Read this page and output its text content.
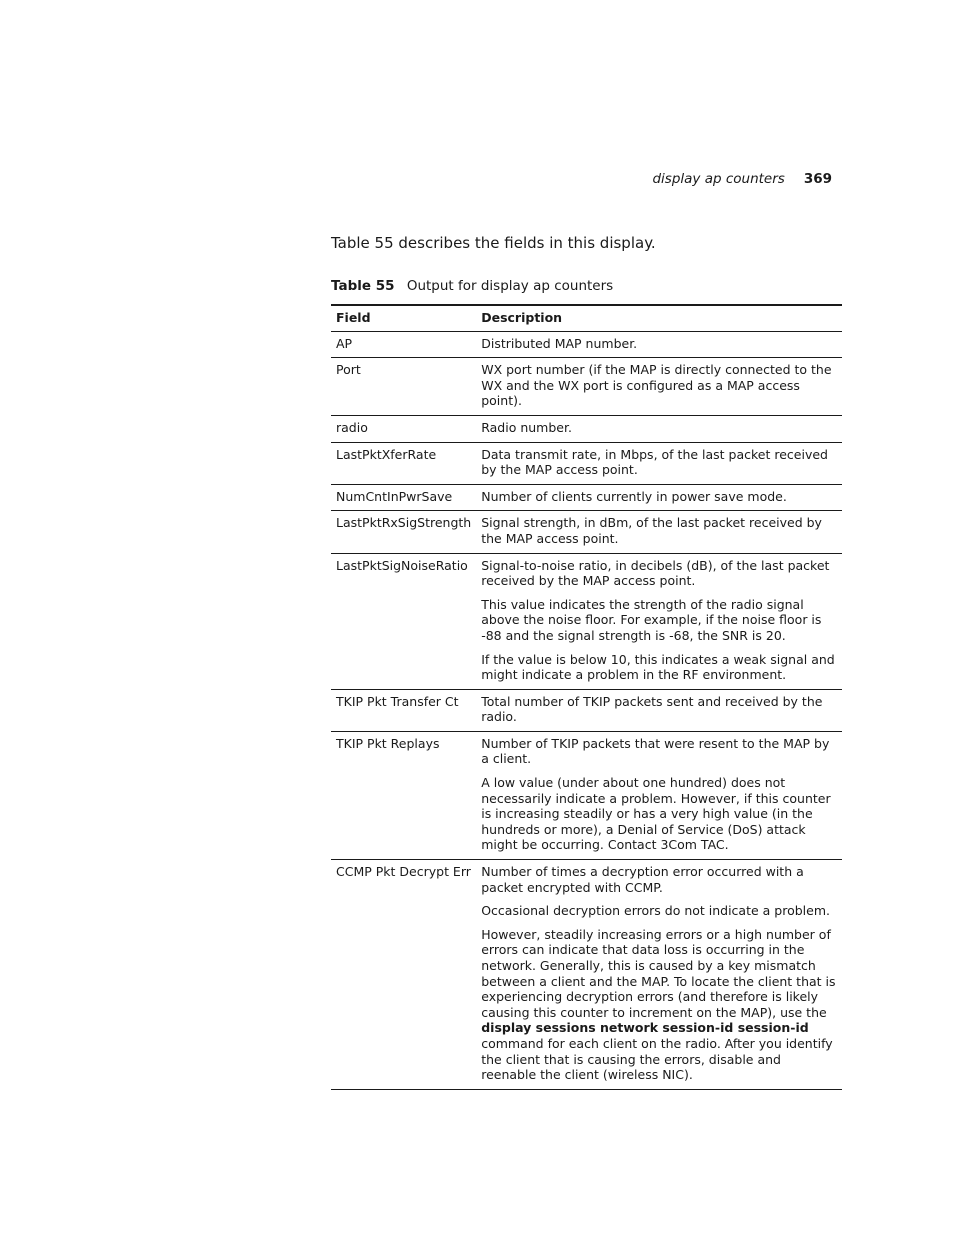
display ap counters 369
Table 55 describes the fields in this display.
Table 55 Output for display ap counters
Field	Description
AP	Distributed MAP number.

Port	WX port number (if the MAP is directly connected to the WX and the WX port is configured as a MAP access point).

radio	Radio number.

LastPktXferRate	Data transmit rate, in Mbps, of the last packet received by the MAP access point.

NumCntInPwrSave	Number of clients currently in power save mode.

LastPktRxSigStrength	Signal strength, in dBm, of the last packet received by the MAP access point.

LastPktSigNoiseRatio	Signal-to-noise ratio, in decibels (dB), of the last packet received by the MAP access point.

This value indicates the strength of the radio signal above the noise floor. For example, if the noise floor is -88 and the signal strength is -68, the SNR is 20.

If the value is below 10, this indicates a weak signal and might indicate a problem in the RF environment.

TKIP Pkt Transfer Ct	Total number of TKIP packets sent and received by the radio.

TKIP Pkt Replays	Number of TKIP packets that were resent to the MAP by a client.

A low value (under about one hundred) does not necessarily indicate a problem. However, if this counter is increasing steadily or has a very high value (in the hundreds or more), a Denial of Service (DoS) attack might be occurring. Contact 3Com TAC.

CCMP Pkt Decrypt Err	Number of times a decryption error occurred with a packet encrypted with CCMP.

Occasional decryption errors do not indicate a problem.

However, steadily increasing errors or a high number of errors can indicate that data loss is occurring in the network. Generally, this is caused by a key mismatch between a client and the MAP. To locate the client that is experiencing decryption errors (and therefore is likely causing this counter to increment on the MAP), use the display sessions network session-id session-id command for each client on the radio. After you identify the client that is causing the errors, disable and reenable the client (wireless NIC).
